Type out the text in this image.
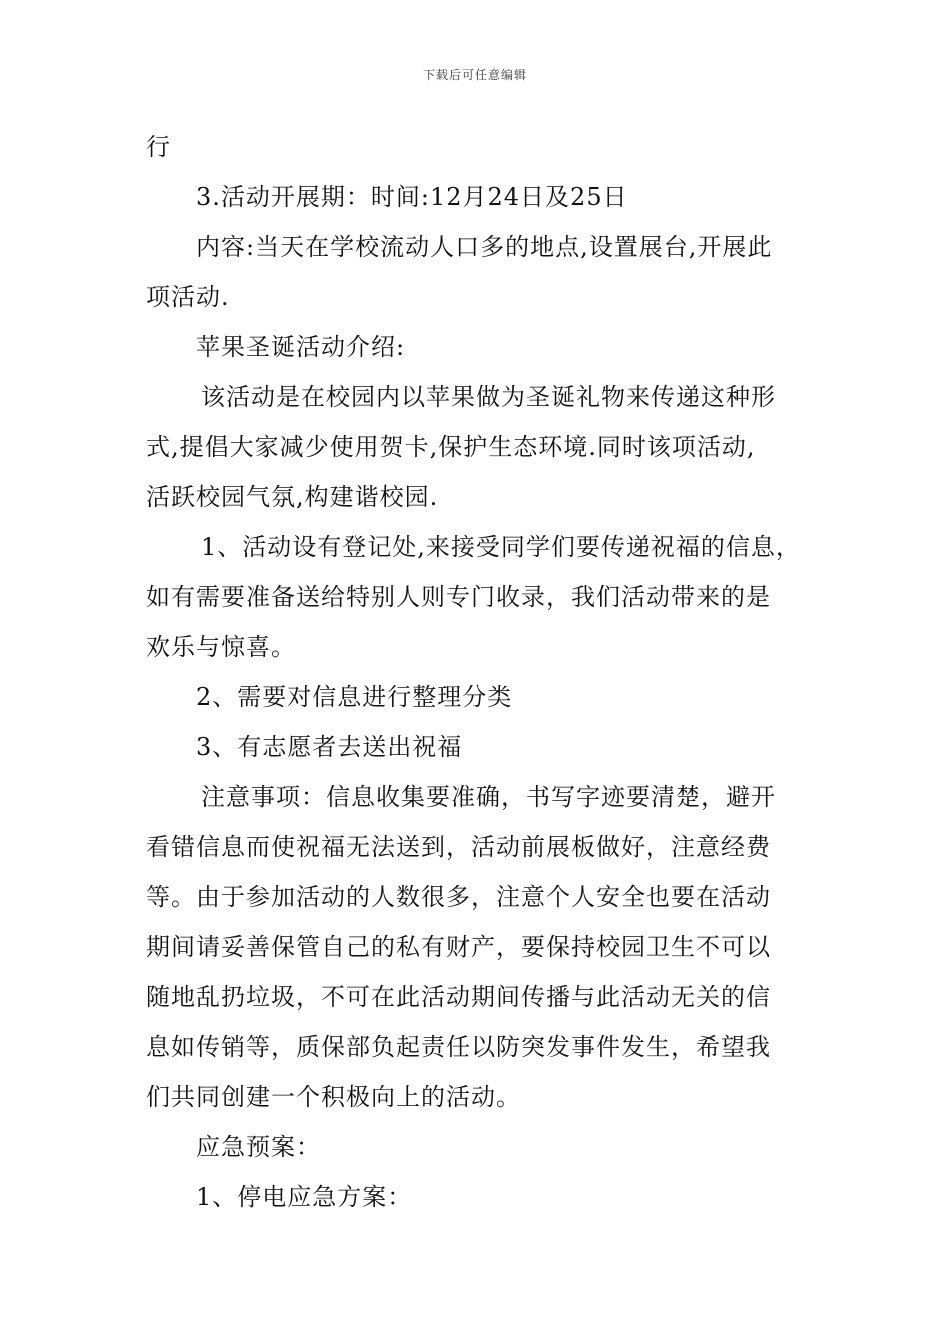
下载后可任意编辑
行
3.活动开展期：时间:12月24日及25日
内容:当天在学校流动人口多的地点,设置展台,开展此
项活动.
苹果圣诞活动介绍:
该活动是在校园内以苹果做为圣诞礼物来传递这种形
式,提倡大家减少使用贺卡,保护生态环境.同时该项活动,
活跃校园气氛,构建谐校园.
1、活动设有登记处,来接受同学们要传递祝福的信息，
如有需要准备送给特别人则专门收录，我们活动带来的是
欢乐与惊喜。
2、需要对信息进行整理分类
3、有志愿者去送出祝福
注意事项：信息收集要准确，书写字迹要清楚，避开
看错信息而使祝福无法送到，活动前展板做好，注意经费
等。由于参加活动的人数很多，注意个人安全也要在活动
期间请妥善保管自己的私有财产，要保持校园卫生不可以
随地乱扔垃圾，不可在此活动期间传播与此活动无关的信
息如传销等，质保部负起责任以防突发事件发生，希望我
们共同创建一个积极向上的活动。
应急预案：
1、停电应急方案：
